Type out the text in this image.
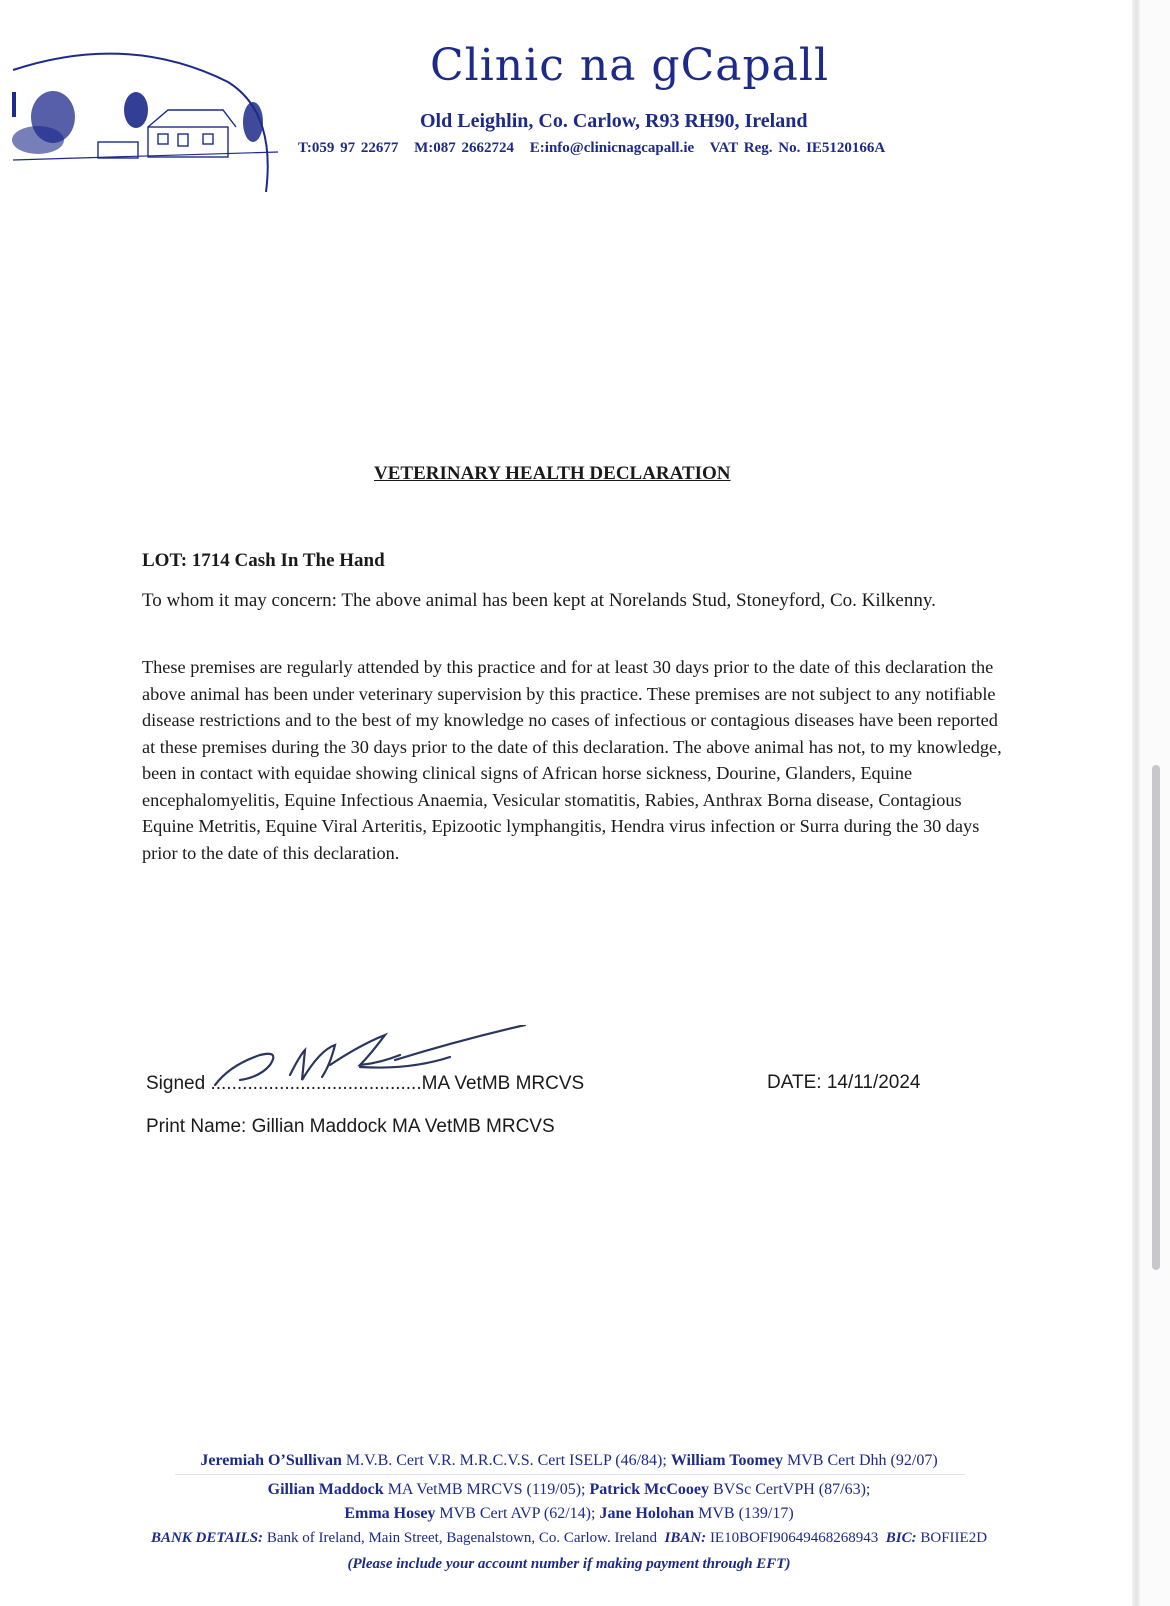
Clinic na gCapall
Old Leighlin, Co. Carlow, R93 RH90, Ireland
T:059 97 22677 M:087 2662724 E:info@clinicnagcapall.ie VAT Reg. No. IE5120166A
VETERINARY HEALTH DECLARATION
LOT: 1714 Cash In The Hand
To whom it may concern: The above animal has been kept at Norelands Stud, Stoneyford, Co. Kilkenny.
These premises are regularly attended by this practice and for at least 30 days prior to the date of this declaration the above animal has been under veterinary supervision by this practice. These premises are not subject to any notifiable disease restrictions and to the best of my knowledge no cases of infectious or contagious diseases have been reported at these premises during the 30 days prior to the date of this declaration. The above animal has not, to my knowledge, been in contact with equidae showing clinical signs of African horse sickness, Dourine, Glanders, Equine encephalomyelitis, Equine Infectious Anaemia, Vesicular stomatitis, Rabies, Anthrax Borna disease, Contagious Equine Metritis, Equine Viral Arteritis, Epizootic lymphangitis, Hendra virus infection or Surra during the 30 days prior to the date of this declaration.
Signed ........................................MA VetMB MRCVS	DATE: 14/11/2024
Print Name: Gillian Maddock MA VetMB MRCVS
Jeremiah O’Sullivan M.V.B. Cert V.R. M.R.C.V.S. Cert ISELP (46/84); William Toomey MVB Cert Dhh (92/07)
Gillian Maddock MA VetMB MRCVS (119/05); Patrick McCooey BVSc CertVPH (87/63);
Emma Hosey MVB Cert AVP (62/14); Jane Holohan MVB (139/17)
BANK DETAILS: Bank of Ireland, Main Street, Bagenalstown, Co. Carlow. Ireland IBAN: IE10BOFI90649468268943 BIC: BOFIIE2D
(Please include your account number if making payment through EFT)
